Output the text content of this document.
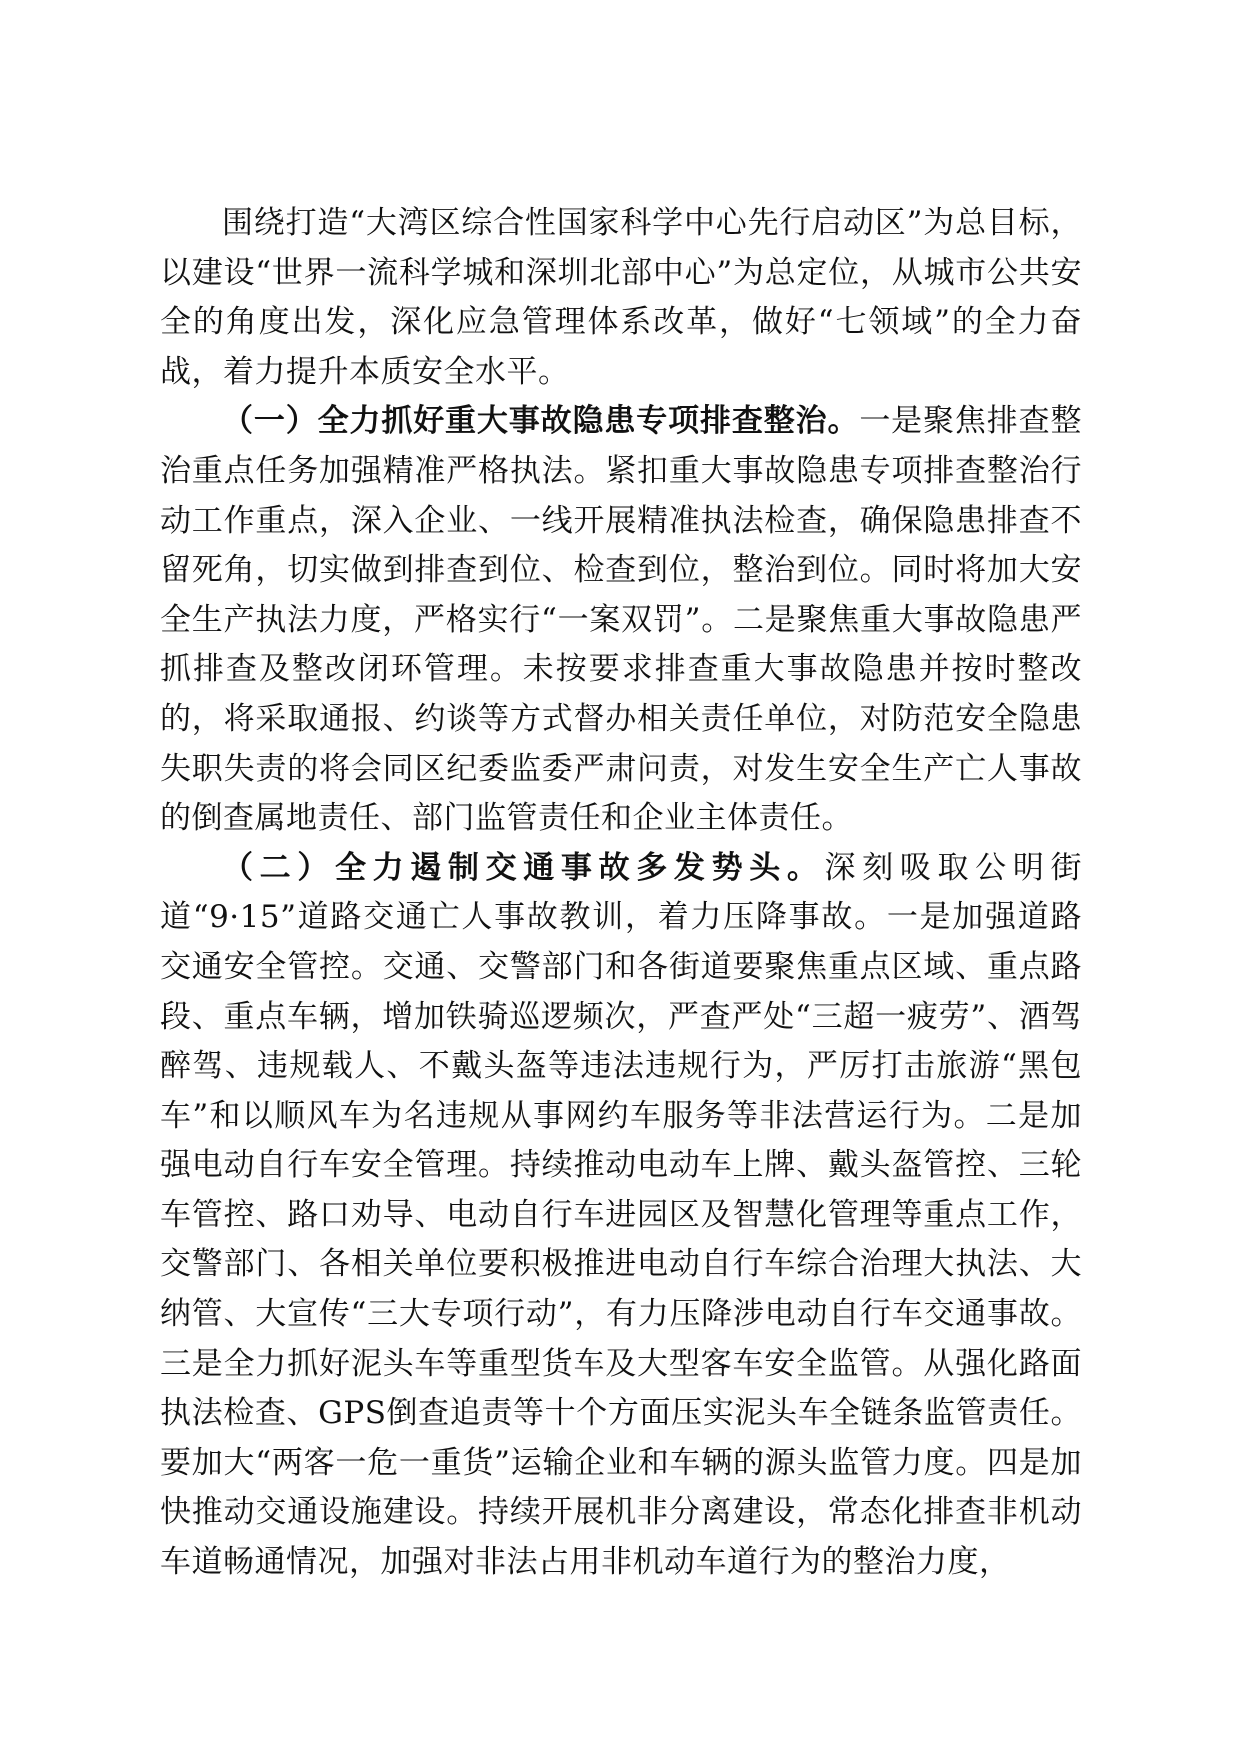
围绕打造“大湾区综合性国家科学中心先行启动区”为总目标，以建设“世界一流科学城和深圳北部中心”为总定位，从城市公共安全的角度出发，深化应急管理体系改革，做好“七领域”的全力奋战，着力提升本质安全水平。

（一）全力抓好重大事故隐患专项排查整治。一是聚焦排查整治重点任务加强精准严格执法。紧扣重大事故隐患专项排查整治行动工作重点，深入企业、一线开展精准执法检查，确保隐患排查不留死角，切实做到排查到位、检查到位，整治到位。同时将加大安全生产执法力度，严格实行“一案双罚”。二是聚焦重大事故隐患严抓排查及整改闭环管理。未按要求排查重大事故隐患并按时整改的，将采取通报、约谈等方式督办相关责任单位，对防范安全隐患失职失责的将会同区纪委监委严肃问责，对发生安全生产亡人事故的倒查属地责任、部门监管责任和企业主体责任。

（二）全力遏制交通事故多发势头。深刻吸取公明街道“9·15”道路交通亡人事故教训，着力压降事故。一是加强道路交通安全管控。交通、交警部门和各街道要聚焦重点区域、重点路段、重点车辆，增加铁骑巡逻频次，严查严处“三超一疲劳”、酒驾醉驾、违规载人、不戴头盔等违法违规行为，严厉打击旅游“黑包车”和以顺风车为名违规从事网约车服务等非法营运行为。二是加强电动自行车安全管理。持续推动电动车上牌、戴头盔管控、三轮车管控、路口劝导、电动自行车进园区及智慧化管理等重点工作，交警部门、各相关单位要积极推进电动自行车综合治理大执法、大纳管、大宣传“三大专项行动”，有力压降涉电动自行车交通事故。三是全力抓好泥头车等重型货车及大型客车安全监管。从强化路面执法检查、GPS倒查追责等十个方面压实泥头车全链条监管责任。要加大“两客一危一重货”运输企业和车辆的源头监管力度。四是加快推动交通设施建设。持续开展机非分离建设，常态化排查非机动车道畅通情况，加强对非法占用非机动车道行为的整治力度，
